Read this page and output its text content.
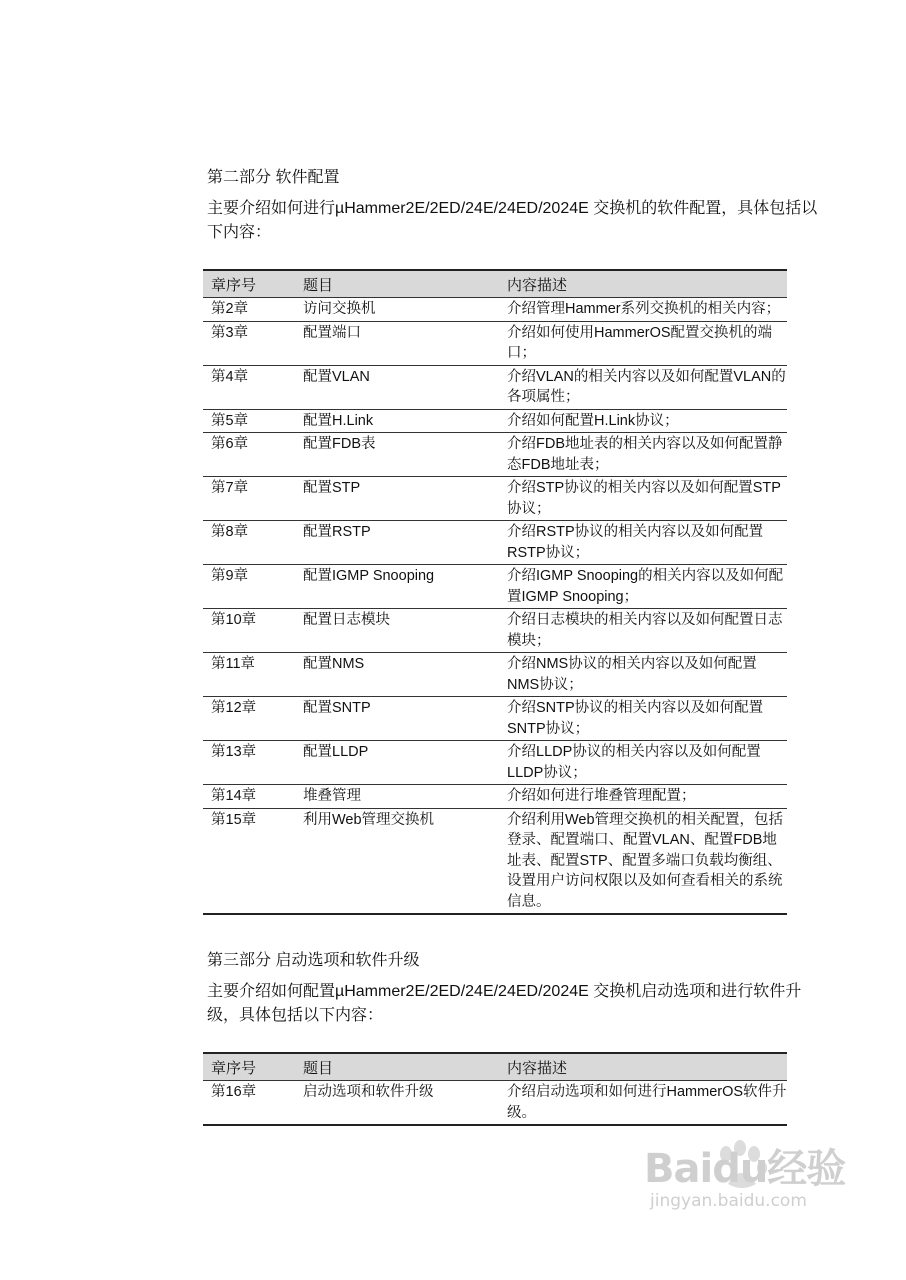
第二部分 软件配置

主要介绍如何进行µHammer2E/2ED/24E/24ED/2024E 交换机的软件配置，具体包括以下内容：

章序号	题目	内容描述
第2章	访问交换机	介绍管理Hammer系列交换机的相关内容；
第3章	配置端口	介绍如何使用HammerOS配置交换机的端口；
第4章	配置VLAN	介绍VLAN的相关内容以及如何配置VLAN的各项属性；
第5章	配置H.Link	介绍如何配置H.Link协议；
第6章	配置FDB表	介绍FDB地址表的相关内容以及如何配置静态FDB地址表；
第7章	配置STP	介绍STP协议的相关内容以及如何配置STP协议；
第8章	配置RSTP	介绍RSTP协议的相关内容以及如何配置RSTP协议；
第9章	配置IGMP Snooping	介绍IGMP Snooping的相关内容以及如何配置IGMP Snooping；
第10章	配置日志模块	介绍日志模块的相关内容以及如何配置日志模块；
第11章	配置NMS	介绍NMS协议的相关内容以及如何配置NMS协议；
第12章	配置SNTP	介绍SNTP协议的相关内容以及如何配置SNTP协议；
第13章	配置LLDP	介绍LLDP协议的相关内容以及如何配置LLDP协议；
第14章	堆叠管理	介绍如何进行堆叠管理配置；
第15章	利用Web管理交换机	介绍利用Web管理交换机的相关配置，包括登录、配置端口、配置VLAN、配置FDB地址表、配置STP、配置多端口负载均衡组、设置用户访问权限以及如何查看相关的系统信息。

第三部分 启动选项和软件升级

主要介绍如何配置µHammer2E/2ED/24E/24ED/2024E 交换机启动选项和进行软件升级，具体包括以下内容：

章序号	题目	内容描述
第16章	启动选项和软件升级	介绍启动选项和如何进行HammerOS软件升级。
Baidu经验
jingyan.baidu.com
